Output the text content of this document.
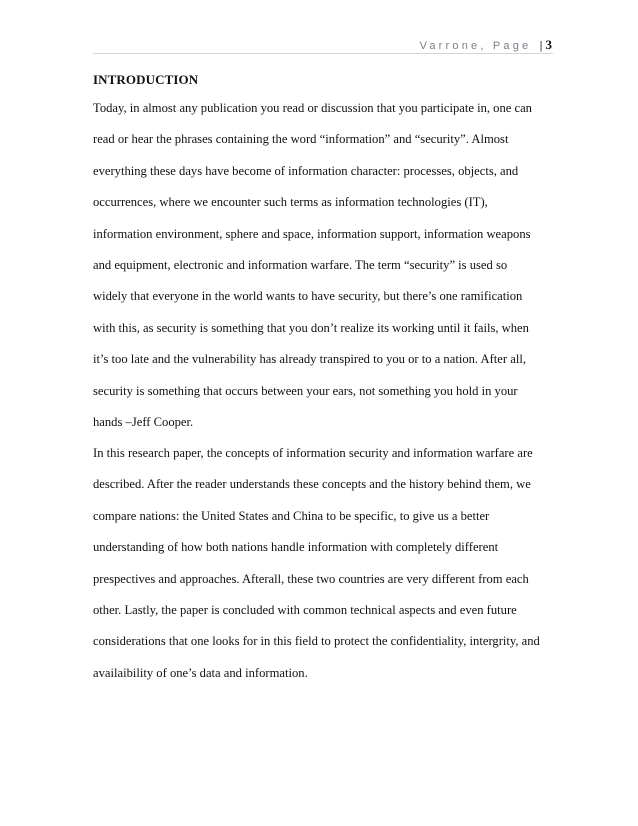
Varrone, Page | 3
INTRODUCTION
Today, in almost any publication you read or discussion that you participate in, one can
read or hear the phrases containing the word “information” and “security”. Almost
everything these days have become of information character: processes, objects, and
occurrences, where we encounter such terms as information technologies (IT),
information environment, sphere and space, information support, information weapons
and equipment, electronic and information warfare. The term “security” is used so
widely that everyone in the world wants to have security, but there’s one ramification
with this, as security is something that you don’t realize its working until it fails, when
it’s too late and the vulnerability has already transpired to you or to a nation. After all,
security is something that occurs between your ears, not something you hold in your
hands –Jeff Cooper.
In this research paper, the concepts of information security and information warfare are
described. After the reader understands these concepts and the history behind them, we
compare nations: the United States and China to be specific, to give us a better
understanding of how both nations handle information with completely different
prespectives and approaches. Afterall, these two countries are very different from each
other. Lastly, the paper is concluded with common technical aspects and even future
considerations that one looks for in this field to protect the confidentiality, intergrity, and
availaibility of one’s data and information.
